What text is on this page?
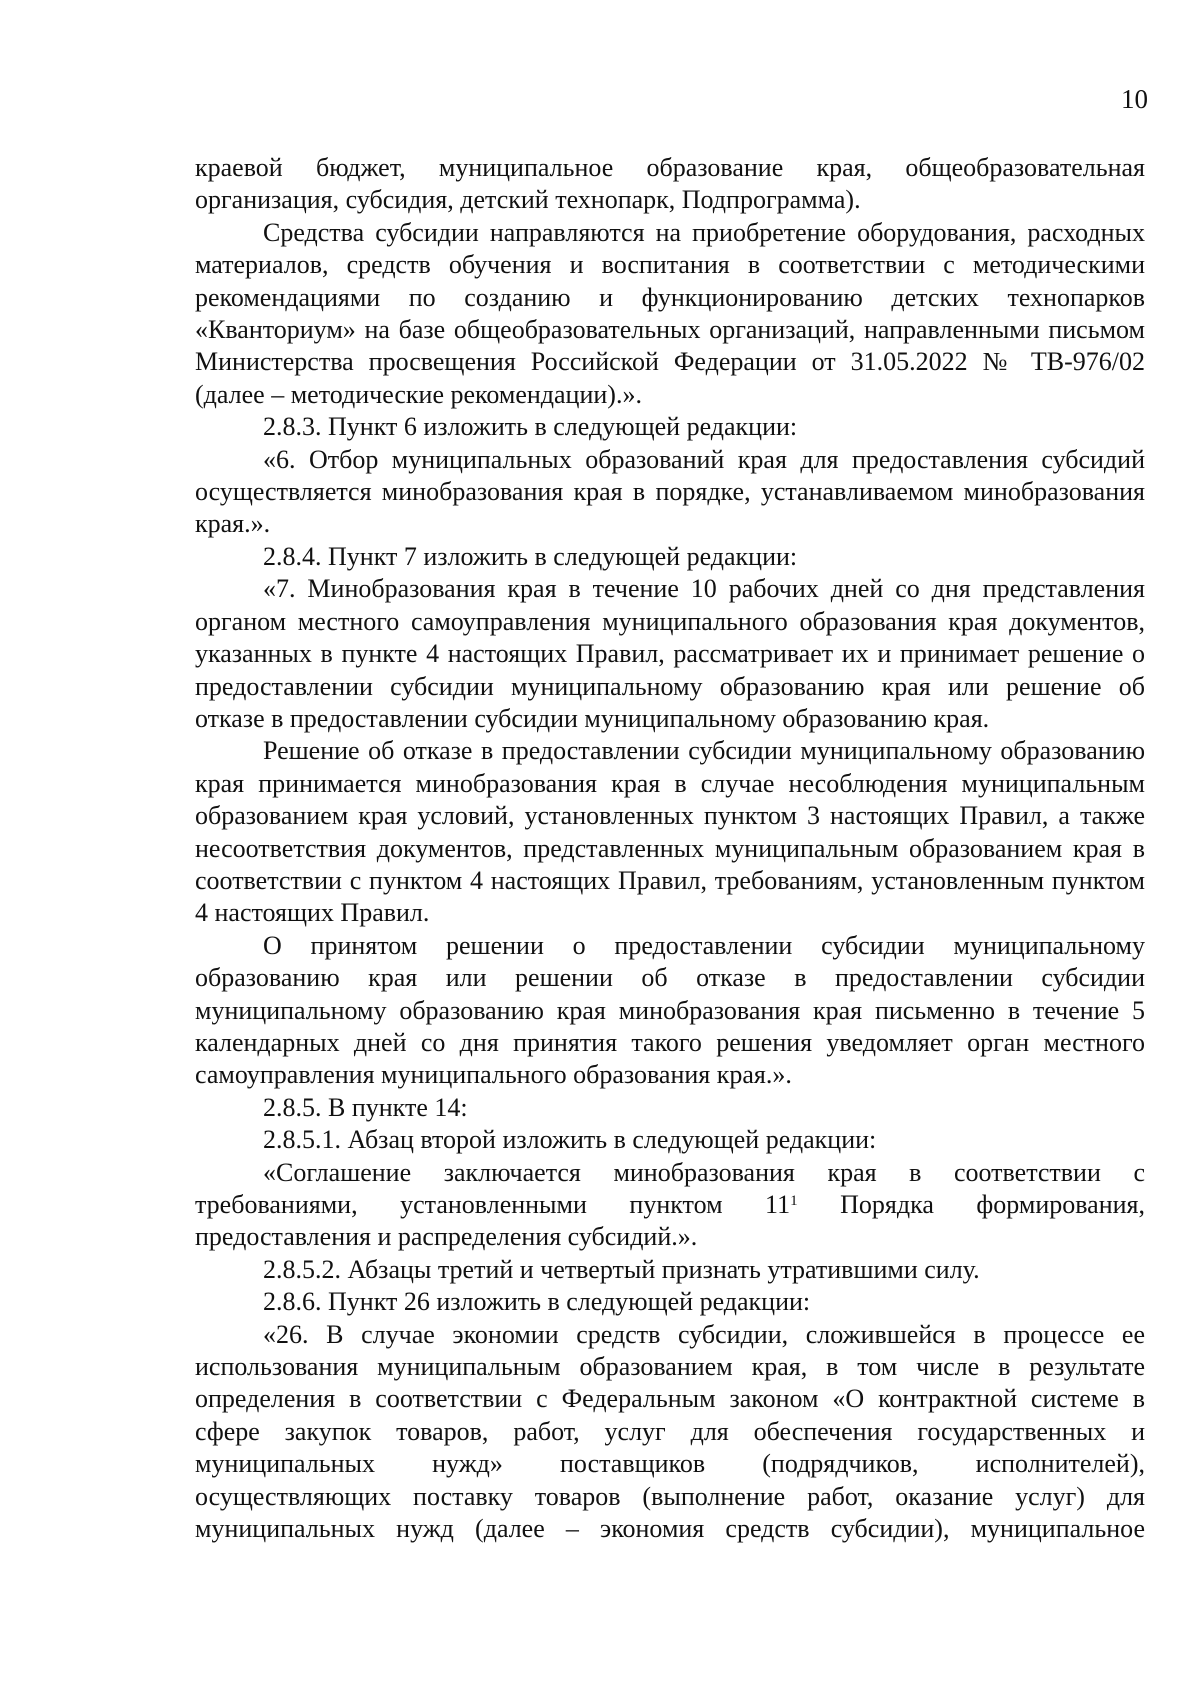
10

краевой бюджет, муниципальное образование края, общеобразовательная организация, субсидия, детский технопарк, Подпрограмма).

Средства субсидии направляются на приобретение оборудования, расходных материалов, средств обучения и воспитания в соответствии с методическими рекомендациями по созданию и функционированию детских технопарков «Кванториум» на базе общеобразовательных организаций, направленными письмом Министерства просвещения Российской Федерации от 31.05.2022 № ТВ-976/02 (далее – методические рекомендации).».

2.8.3. Пункт 6 изложить в следующей редакции:

«6. Отбор муниципальных образований края для предоставления субсидий осуществляется минобразования края в порядке, устанавливаемом минобразования края.».

2.8.4. Пункт 7 изложить в следующей редакции:

«7. Минобразования края в течение 10 рабочих дней со дня представления органом местного самоуправления муниципального образования края документов, указанных в пункте 4 настоящих Правил, рассматривает их и принимает решение о предоставлении субсидии муниципальному образованию края или решение об отказе в предоставлении субсидии муниципальному образованию края.

Решение об отказе в предоставлении субсидии муниципальному образованию края принимается минобразования края в случае несоблюдения муниципальным образованием края условий, установленных пунктом 3 настоящих Правил, а также несоответствия документов, представленных муниципальным образованием края в соответствии с пунктом 4 настоящих Правил, требованиям, установленным пунктом 4 настоящих Правил.

О принятом решении о предоставлении субсидии муниципальному образованию края или решении об отказе в предоставлении субсидии муниципальному образованию края минобразования края письменно в течение 5 календарных дней со дня принятия такого решения уведомляет орган местного самоуправления муниципального образования края.».

2.8.5. В пункте 14:

2.8.5.1. Абзац второй изложить в следующей редакции:

«Соглашение заключается минобразования края в соответствии с требованиями, установленными пунктом $11^1$ Порядка формирования, предоставления и распределения субсидий.».

2.8.5.2. Абзацы третий и четвертый признать утратившими силу.

2.8.6. Пункт 26 изложить в следующей редакции:

«26. В случае экономии средств субсидии, сложившейся в процессе ее использования муниципальным образованием края, в том числе в результате определения в соответствии с Федеральным законом «О контрактной системе в сфере закупок товаров, работ, услуг для обеспечения государственных и муниципальных нужд» поставщиков (подрядчиков, исполнителей), осуществляющих поставку товаров (выполнение работ, оказание услуг) для муниципальных нужд (далее – экономия средств субсидии), муниципальное
